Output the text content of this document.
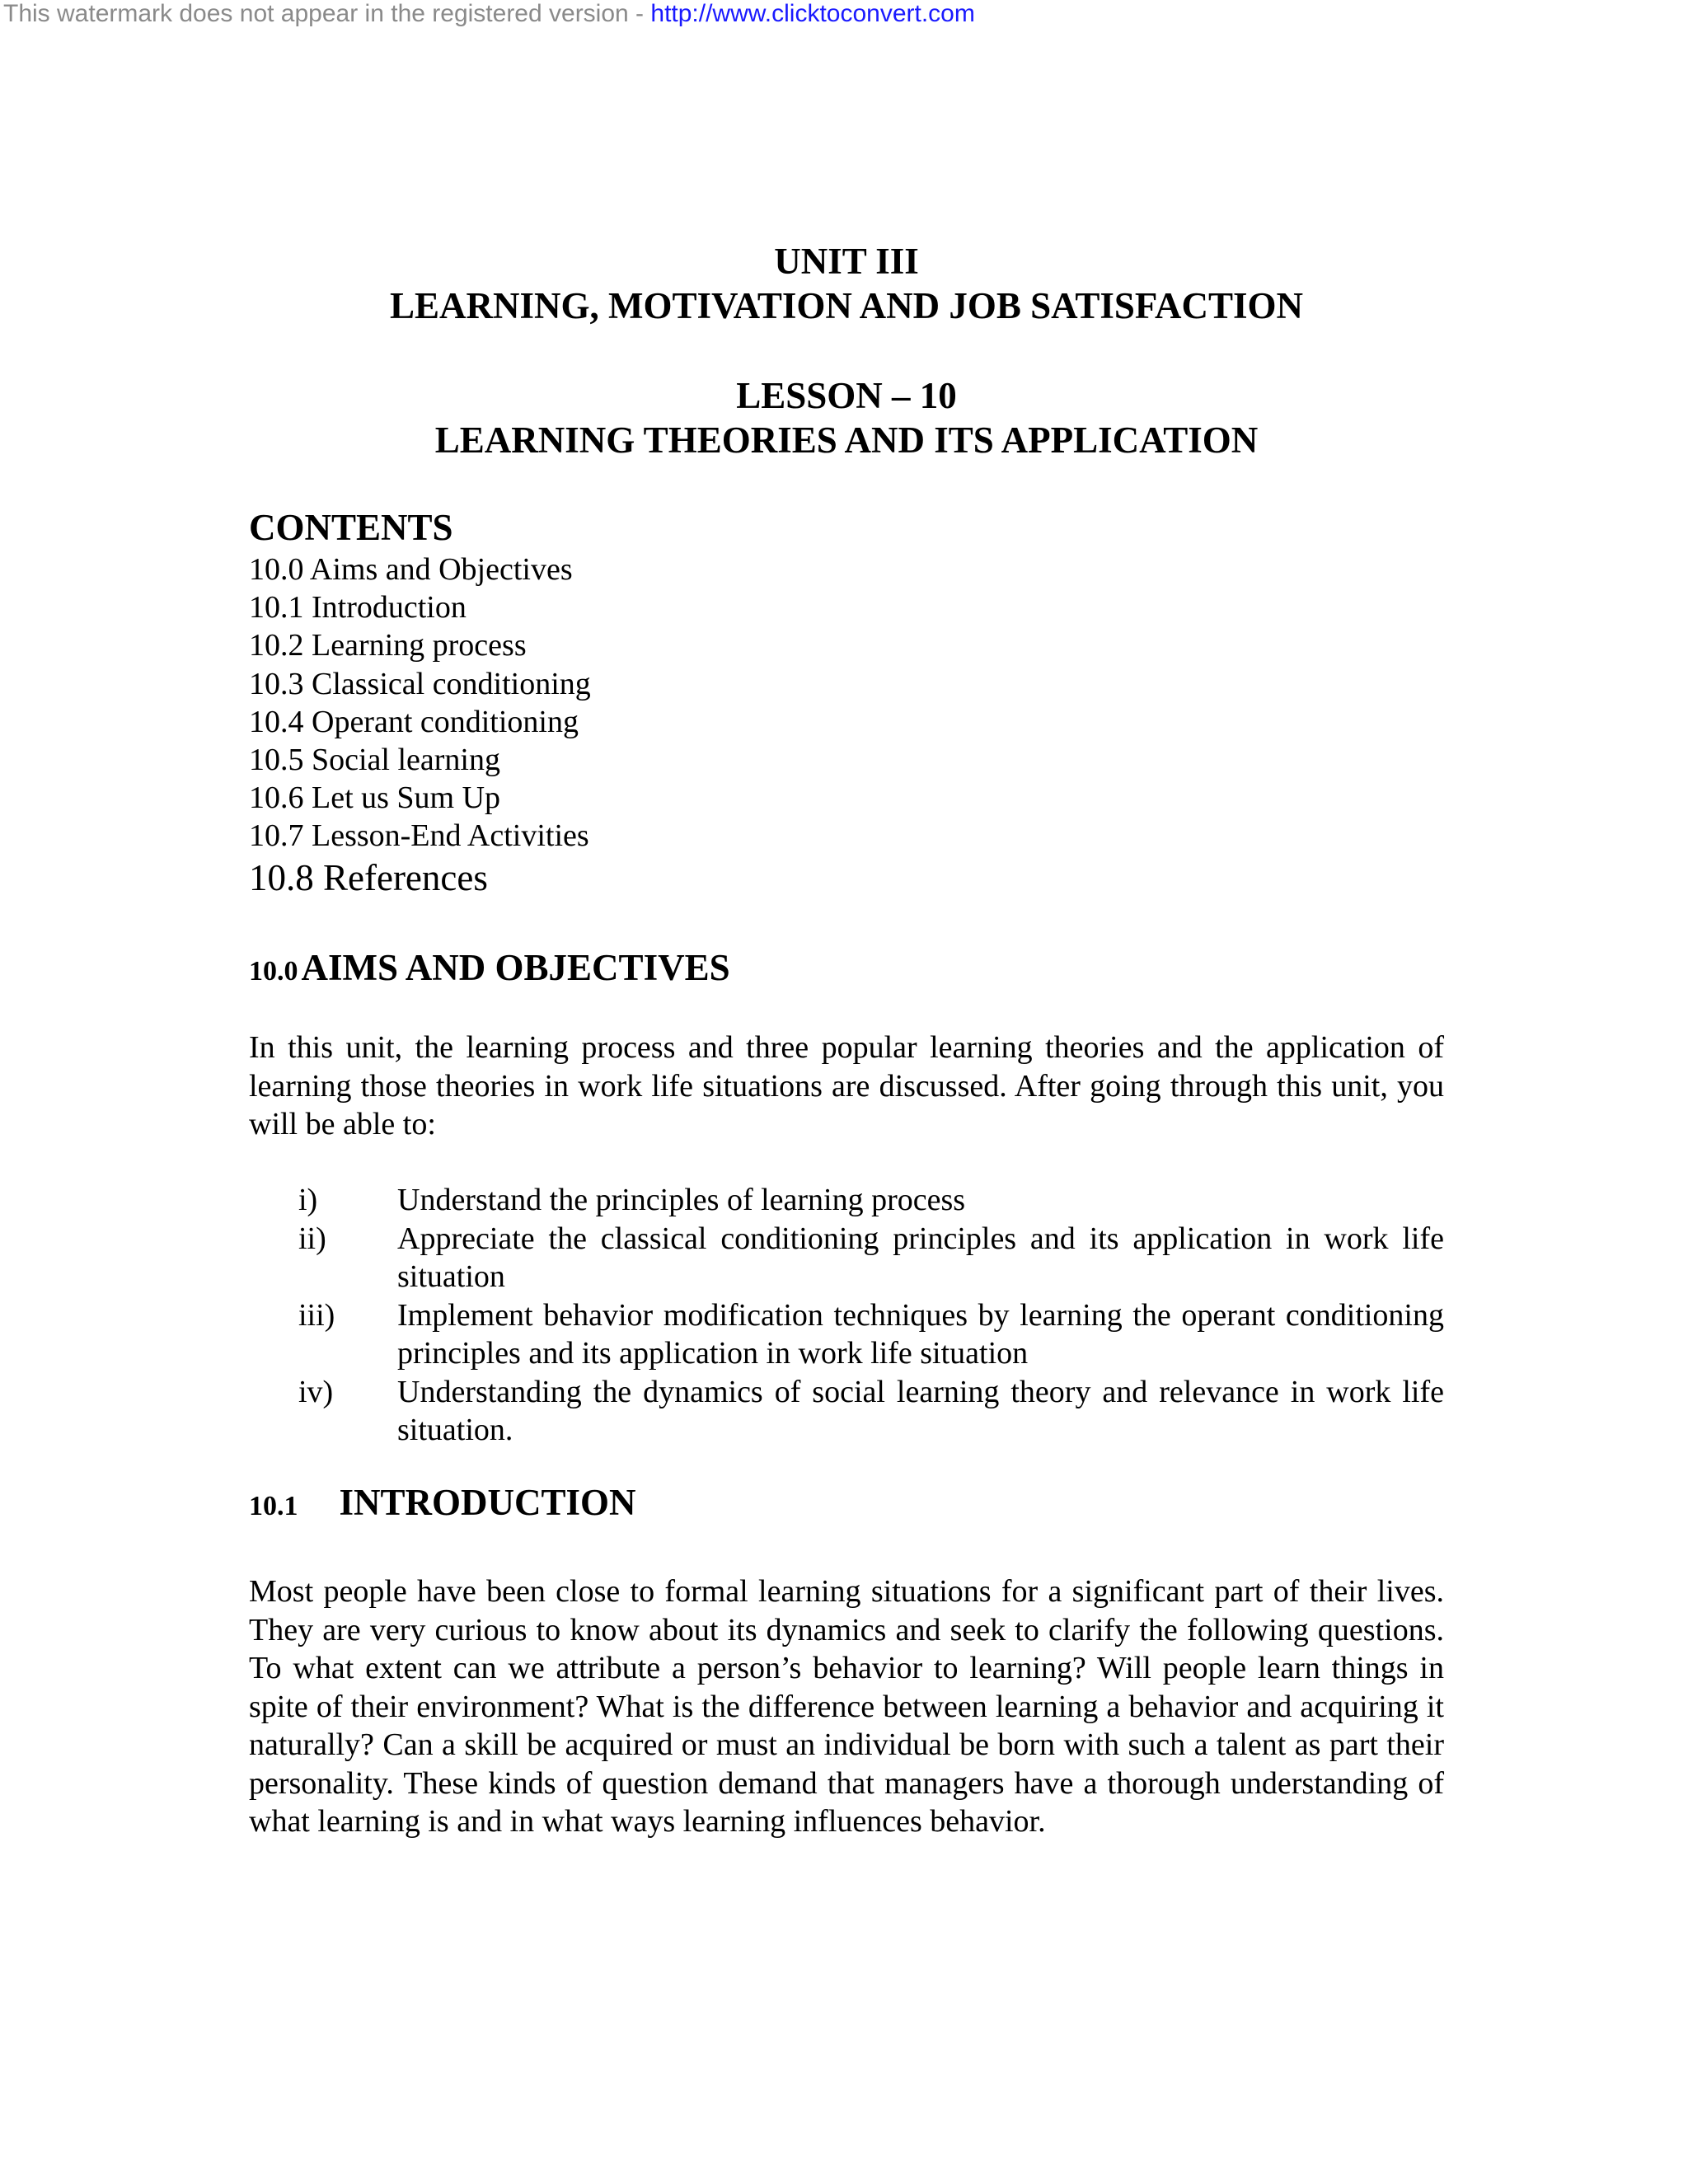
This watermark does not appear in the registered version - http://www.clicktoconvert.com
UNIT III
LEARNING, MOTIVATION AND JOB SATISFACTION
LESSON – 10
LEARNING THEORIES AND ITS APPLICATION
CONTENTS
10.0 Aims and Objectives
10.1 Introduction
10.2 Learning process
10.3 Classical conditioning
10.4 Operant conditioning
10.5 Social learning
10.6 Let us Sum Up
10.7 Lesson-End Activities
10.8 References
10.0 AIMS AND OBJECTIVES

In this unit, the learning process and three popular learning theories and the application of learning those theories in work life situations are discussed. After going through this unit, you will be able to:

i)	Understand the principles of learning process
ii)	Appreciate the classical conditioning principles and its application in work life situation
iii)	Implement behavior modification techniques by learning the operant conditioning principles and its application in work life situation
iv)	Understanding the dynamics of social learning theory and relevance in work life situation.
10.1 INTRODUCTION

Most people have been close to formal learning situations for a significant part of their lives. They are very curious to know about its dynamics and seek to clarify the following questions. To what extent can we attribute a person’s behavior to learning? Will people learn things in spite of their environment? What is the difference between learning a behavior and acquiring it naturally? Can a skill be acquired or must an individual be born with such a talent as part their personality. These kinds of question demand that managers have a thorough understanding of what learning is and in what ways learning influences behavior.
